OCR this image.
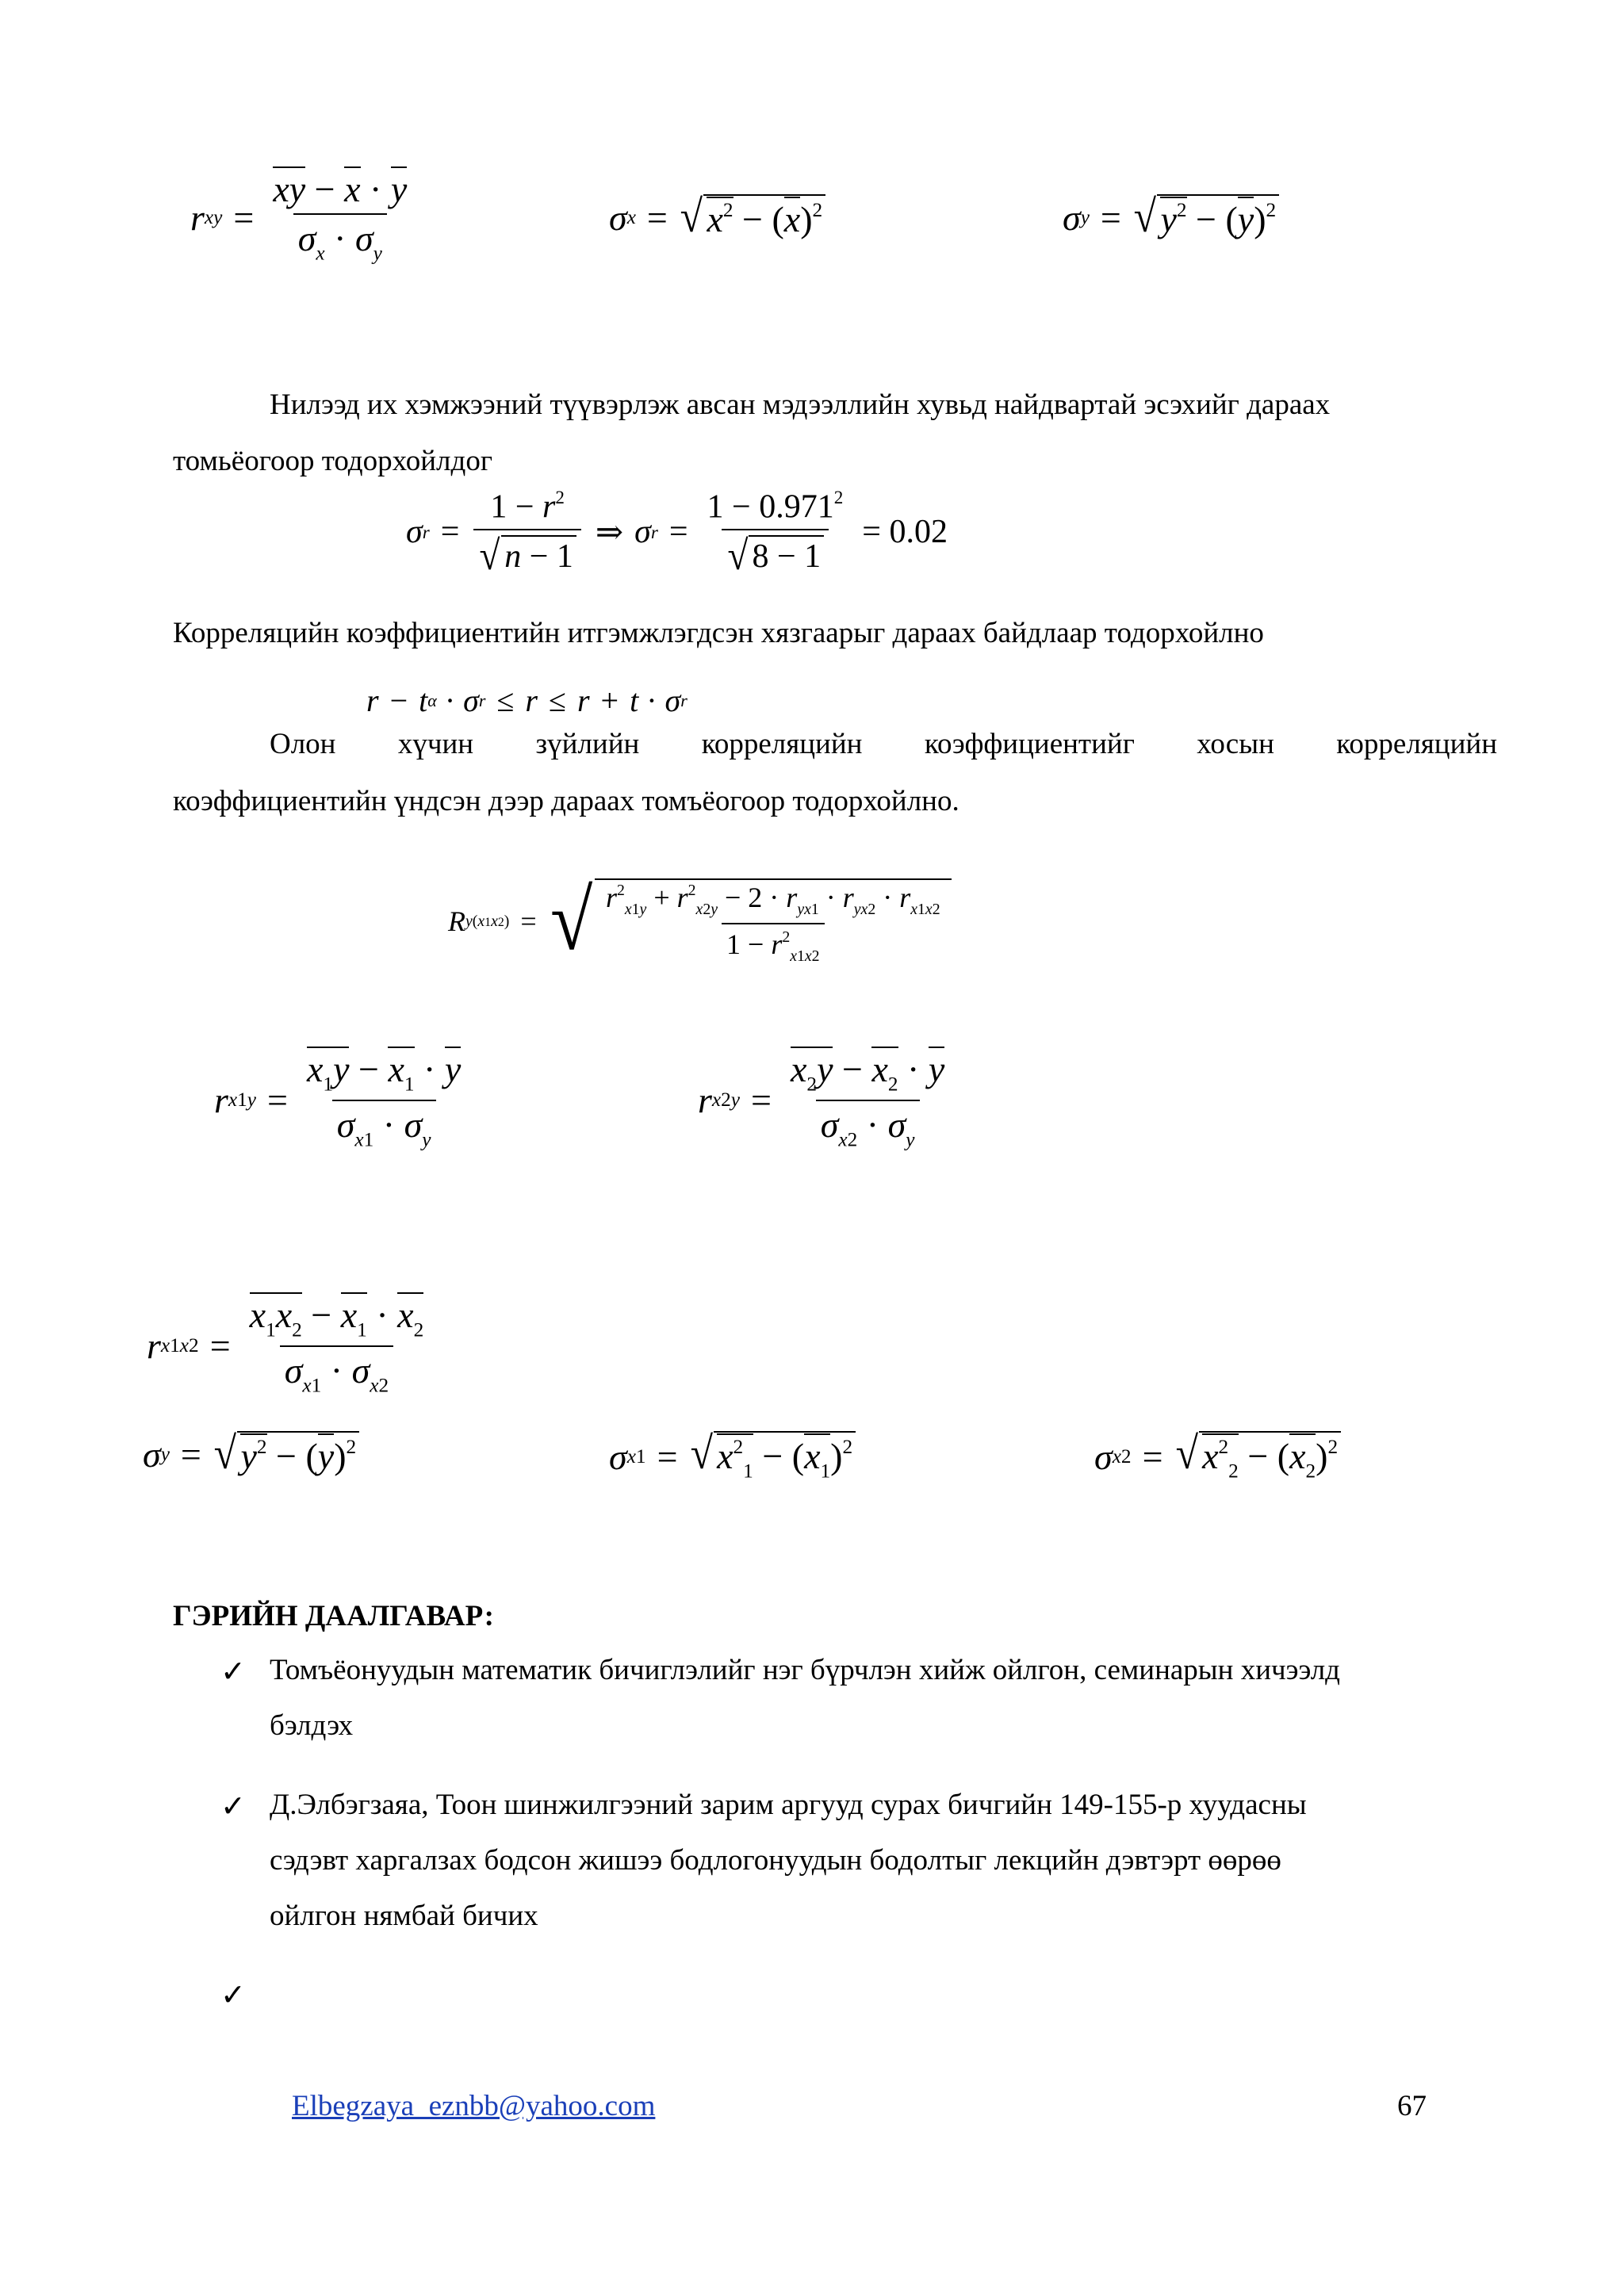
r xy = $\frac{xy - x \cdot y}{\sigma_x \cdot \sigma_y}$	σ x = √ $x^2 - (x)^2$	σ y = √ $y^2 - (y)^2$
Нилээд их хэмжээний түүвэрлэж авсан мэдээллийн хувьд найдвартай эсэхийг дараах
томьёогоор тодорхойлдог
σ $r = \frac{1 - r^2}{√ n - 1}$ ⇒ σ $r = \frac{1 - 0.971^2}{√ 8 - 1} = 0.02$
Корреляцийн коэффициентийн итгэмжлэгдсэн хязгаарыг дараах байдлаар тодорхойлно
r − t α · σ r ≤ r ≤ r + t · σ r
Олон хүчин зүйлийн корреляцийн коэффициентийг хосын корреляцийн
коэффициентийн үндсэн дээр дараах томъёогоор тодорхойлно.
R y(x1x2) = √ $\frac{r^2_{x1y} + r^2_{x2y} - 2 \cdot r_{yx1} \cdot r_{yx2} \cdot r_{x1x2}}{1 - r^2_{x1x2}}$
r $x1y = \frac{x_1y - x_1 \cdot y}{\sigma_{x1} \cdot \sigma_y}$	r $x2y = \frac{x_2y - x_2 \cdot y}{\sigma_{x2} \cdot \sigma_y}$
r $x1x2 = \frac{x_1x_2 - x_1 \cdot x_2}{\sigma_{x1} \cdot \sigma_{x2}}$
σ y = √ $y^2 - (y)^2$	σ x1 = √ $x^2_1 - (x_1)^2$	σ x2 = √ $x^2_2 - (x_2)^2$
ГЭРИЙН ДААЛГАВАР:
✓ Томъёонуудын математик бичиглэлийг нэг бүрчлэн хийж ойлгон, семинарын хичээлд
бэлдэх
✓ Д.Элбэгзаяа, Тоон шинжилгээний зарим аргууд сурах бичгийн 149-155-р хуудасны
сэдэвт харгалзах бодсон жишээ бодлогонуудын бодолтыг лекцийн дэвтэрт өөрөө
ойлгон нямбай бичих
✓
Elbegzaya_eznbb@yahoo.com	67
